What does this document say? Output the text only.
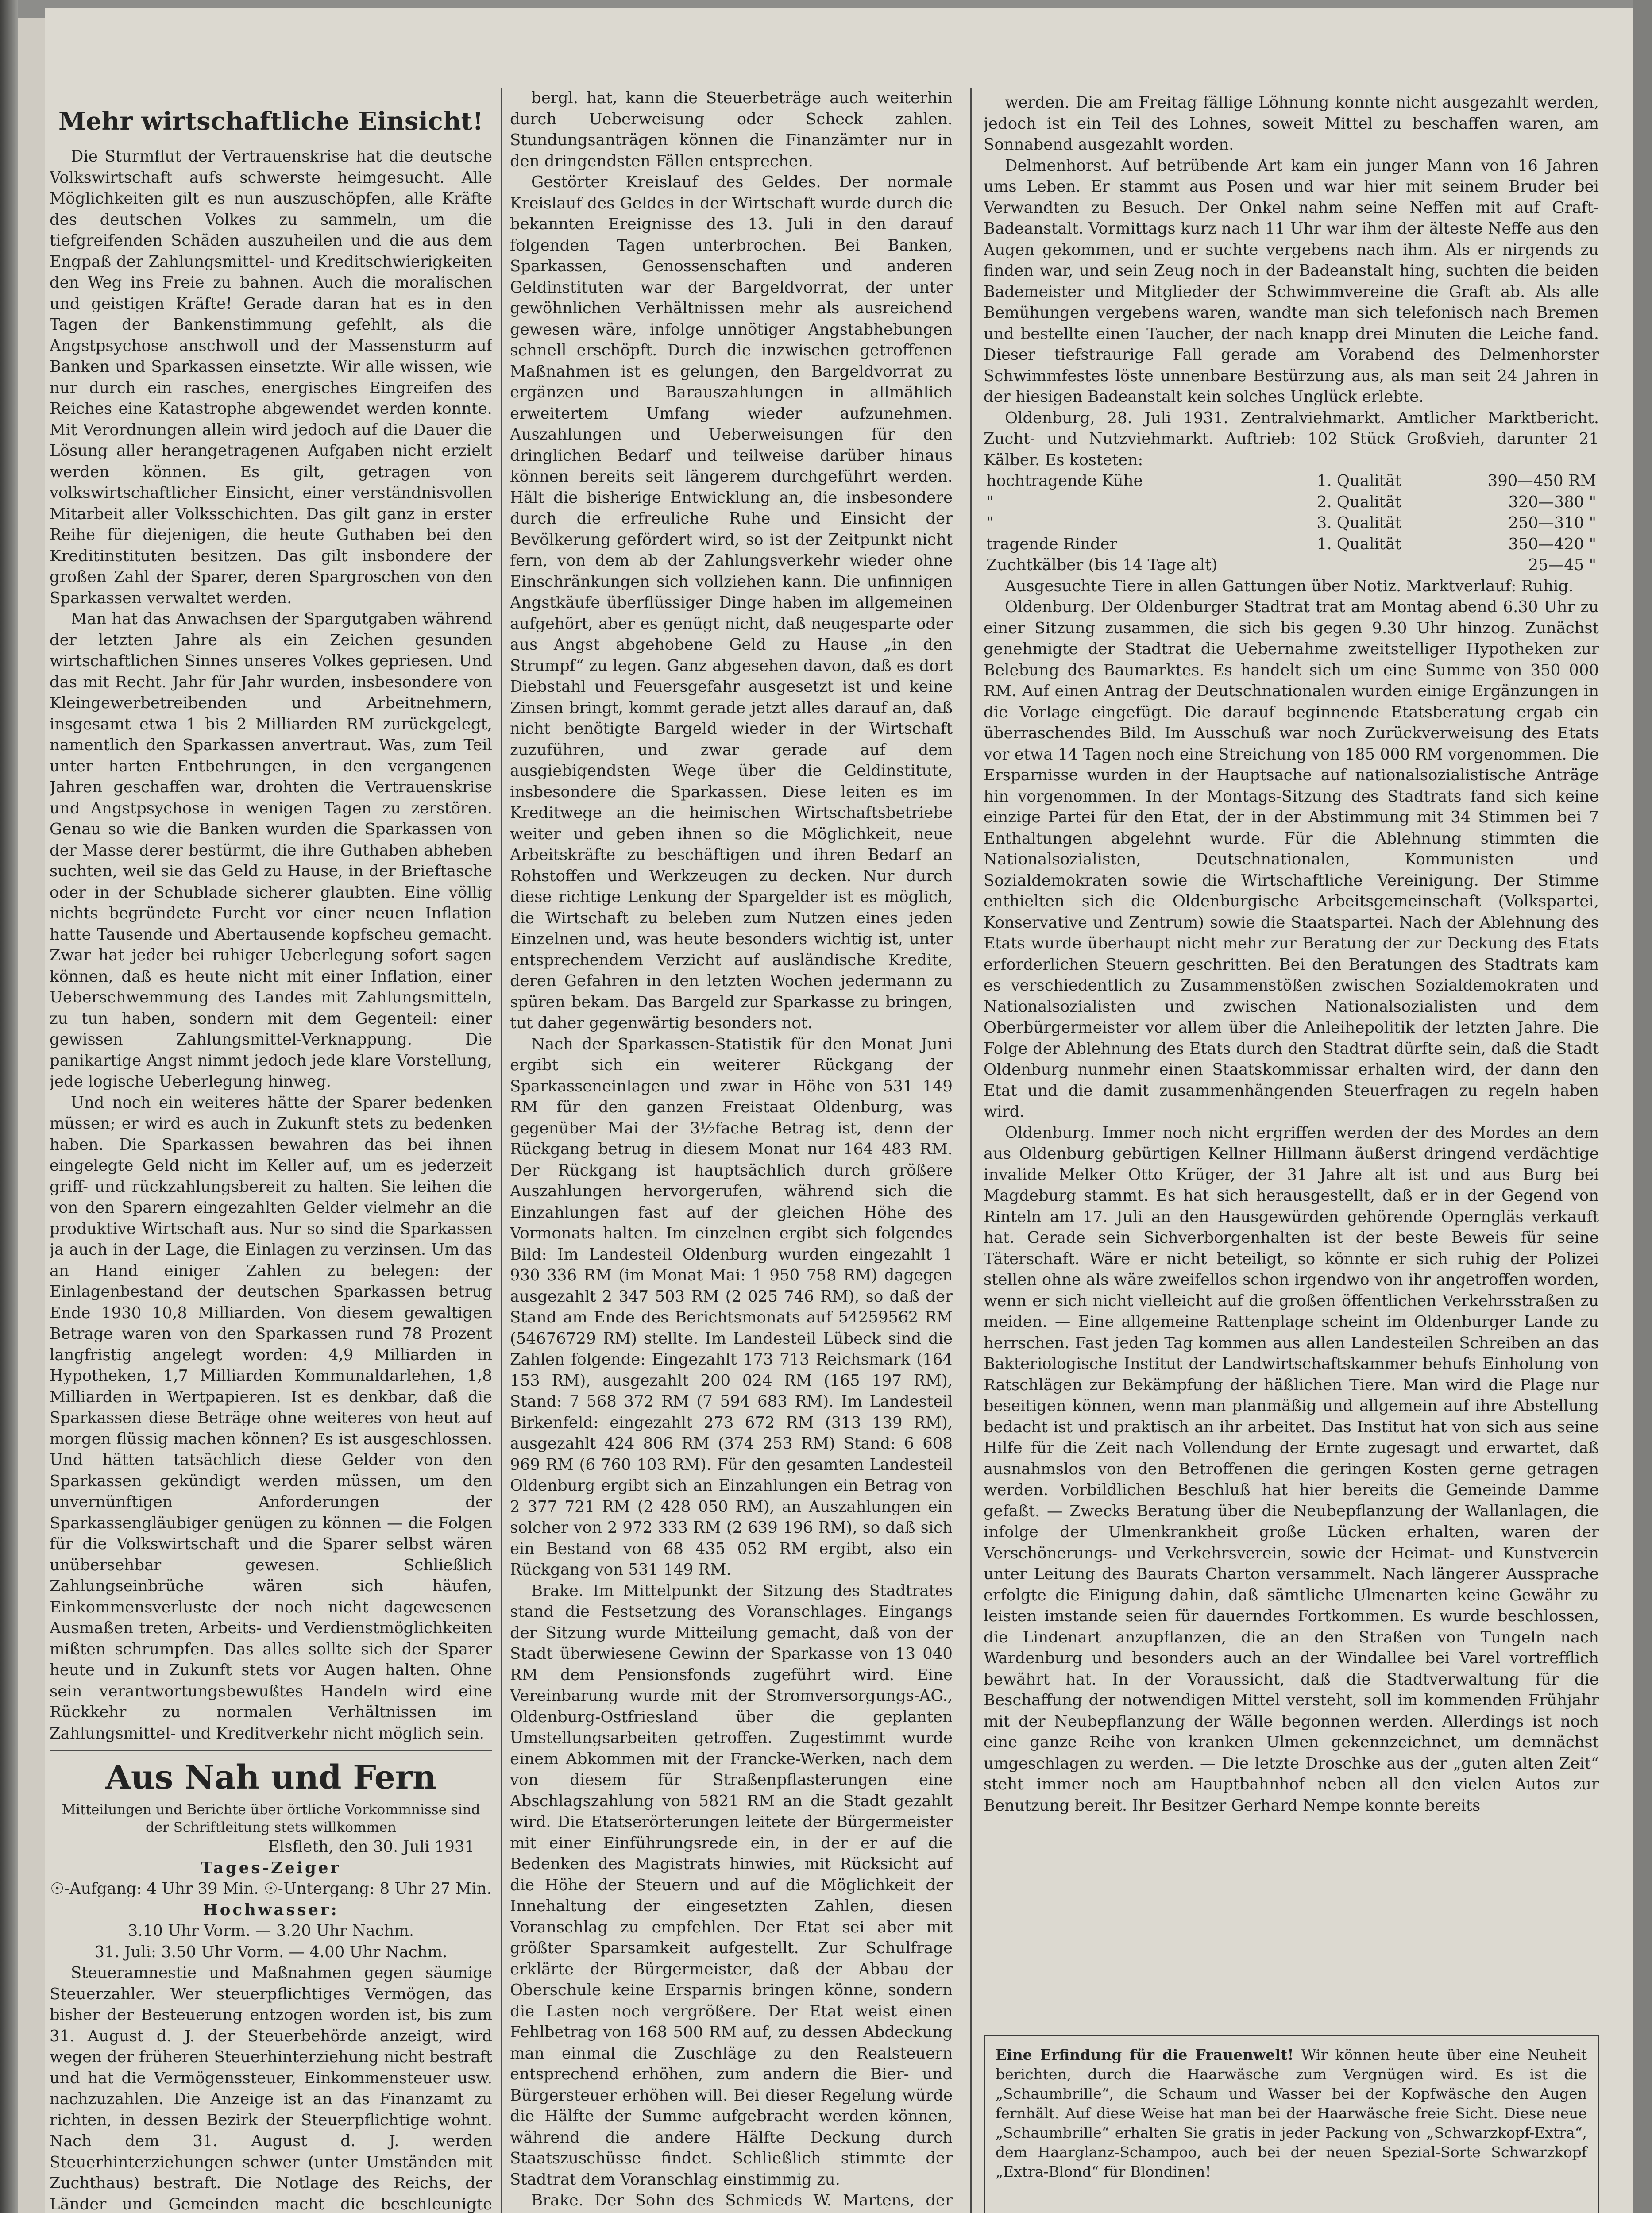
Mehr wirtschaftliche Einsicht!

Die Sturmflut der Vertrauenskrise hat die deutsche Volkswirtschaft aufs schwerste heimgesucht. Alle Möglichkeiten gilt es nun auszuschöpfen, alle Kräfte des deutschen Volkes zu sammeln, um die tiefgreifenden Schäden auszuheilen und die aus dem Engpaß der Zahlungsmittel- und Kreditschwierigkeiten den Weg ins Freie zu bahnen. Auch die moralischen und geistigen Kräfte! Gerade daran hat es in den Tagen der Bankenstimmung gefehlt, als die Angstpsychose anschwoll und der Massensturm auf Banken und Sparkassen einsetzte. Wir alle wissen, wie nur durch ein rasches, energisches Eingreifen des Reiches eine Katastrophe abgewendet werden konnte. Mit Verordnungen allein wird jedoch auf die Dauer die Lösung aller herangetragenen Aufgaben nicht erzielt werden können. Es gilt, getragen von volkswirtschaftlicher Einsicht, einer verständnisvollen Mitarbeit aller Volksschichten. Das gilt ganz in erster Reihe für diejenigen, die heute Guthaben bei den Kreditinstituten besitzen. Das gilt insbondere der großen Zahl der Sparer, deren Spargroschen von den Sparkassen verwaltet werden.

Man hat das Anwachsen der Spargutgaben während der letzten Jahre als ein Zeichen gesunden wirtschaftlichen Sinnes unseres Volkes gepriesen. Und das mit Recht. Jahr für Jahr wurden, insbesondere von Kleingewerbetreibenden und Arbeitnehmern, insgesamt etwa 1 bis 2 Milliarden RM zurückgelegt, namentlich den Sparkassen anvertraut. Was, zum Teil unter harten Entbehrungen, in den vergangenen Jahren geschaffen war, drohten die Vertrauenskrise und Angstpsychose in wenigen Tagen zu zerstören. Genau so wie die Banken wurden die Sparkassen von der Masse derer bestürmt, die ihre Guthaben abheben suchten, weil sie das Geld zu Hause, in der Brieftasche oder in der Schublade sicherer glaubten. Eine völlig nichts begründete Furcht vor einer neuen Inflation hatte Tausende und Abertausende kopfscheu gemacht. Zwar hat jeder bei ruhiger Ueberlegung sofort sagen können, daß es heute nicht mit einer Inflation, einer Ueberschwemmung des Landes mit Zahlungsmitteln, zu tun haben, sondern mit dem Gegenteil: einer gewissen Zahlungsmittel-Verknappung. Die panikartige Angst nimmt jedoch jede klare Vorstellung, jede logische Ueberlegung hinweg.

Und noch ein weiteres hätte der Sparer bedenken müssen; er wird es auch in Zukunft stets zu bedenken haben. Die Sparkassen bewahren das bei ihnen eingelegte Geld nicht im Keller auf, um es jederzeit griff- und rückzahlungsbereit zu halten. Sie leihen die von den Sparern eingezahlten Gelder vielmehr an die produktive Wirtschaft aus. Nur so sind die Sparkassen ja auch in der Lage, die Einlagen zu verzinsen. Um das an Hand einiger Zahlen zu belegen: der Einlagenbestand der deutschen Sparkassen betrug Ende 1930 10,8 Milliarden. Von diesem gewaltigen Betrage waren von den Sparkassen rund 78 Prozent langfristig angelegt worden: 4,9 Milliarden in Hypotheken, 1,7 Milliarden Kommunaldarlehen, 1,8 Milliarden in Wertpapieren. Ist es denkbar, daß die Sparkassen diese Beträge ohne weiteres von heut auf morgen flüssig machen können? Es ist ausgeschlossen. Und hätten tatsächlich diese Gelder von den Sparkassen gekündigt werden müssen, um den unvernünftigen Anforderungen der Sparkassengläubiger genügen zu können — die Folgen für die Volkswirtschaft und die Sparer selbst wären unübersehbar gewesen. Schließlich Zahlungseinbrüche wären sich häufen, Einkommensverluste der noch nicht dagewesenen Ausmaßen treten, Arbeits- und Verdienstmöglichkeiten mißten schrumpfen. Das alles sollte sich der Sparer heute und in Zukunft stets vor Augen halten. Ohne sein verantwortungsbewußtes Handeln wird eine Rückkehr zu normalen Verhältnissen im Zahlungsmittel- und Kreditverkehr nicht möglich sein.

Aus Nah und Fern
Mitteilungen und Berichte über örtliche Vorkommnisse sind der Schriftleitung stets willkommen
Elsfleth, den 30. Juli 1931
Tages-Zeiger
☉-Aufgang: 4 Uhr 39 Min. ☉-Untergang: 8 Uhr 27 Min.
Hochwasser:
3.10 Uhr Vorm. — 3.20 Uhr Nachm.
31. Juli: 3.50 Uhr Vorm. — 4.00 Uhr Nachm.

Steueramnestie und Maßnahmen gegen säumige Steuerzahler. Wer steuerpflichtiges Vermögen, das bisher der Besteuerung entzogen worden ist, bis zum 31. August d. J. der Steuerbehörde anzeigt, wird wegen der früheren Steuerhinterziehung nicht bestraft und hat die Vermögenssteuer, Einkommensteuer usw. nachzuzahlen. Die Anzeige ist an das Finanzamt zu richten, in dessen Bezirk der Steuerpflichtige wohnt. Nach dem 31. August d. J. werden Steuerhinterziehungen schwer (unter Umständen mit Zuchthaus) bestraft. Die Notlage des Reichs, der Länder und Gemeinden macht die beschleunigte

bergl. hat, kann die Steuerbeträge auch weiterhin durch Ueberweisung oder Scheck zahlen. Stundungsanträgen können die Finanzämter nur in den dringendsten Fällen entsprechen.

Gestörter Kreislauf des Geldes. Der normale Kreislauf des Geldes in der Wirtschaft wurde durch die bekannten Ereignisse des 13. Juli in den darauf folgenden Tagen unterbrochen. Bei Banken, Sparkassen, Genossenschaften und anderen Geldinstituten war der Bargeldvorrat, der unter gewöhnlichen Verhältnissen mehr als ausreichend gewesen wäre, infolge unnötiger Angstabhebungen schnell erschöpft. Durch die inzwischen getroffenen Maßnahmen ist es gelungen, den Bargeldvorrat zu ergänzen und Barauszahlungen in allmählich erweitertem Umfang wieder aufzunehmen. Auszahlungen und Ueberweisungen für den dringlichen Bedarf und teilweise darüber hinaus können bereits seit längerem durchgeführt werden. Hält die bisherige Entwicklung an, die insbesondere durch die erfreuliche Ruhe und Einsicht der Bevölkerung gefördert wird, so ist der Zeitpunkt nicht fern, von dem ab der Zahlungsverkehr wieder ohne Einschränkungen sich vollziehen kann. Die unfinnigen Angstkäufe überflüssiger Dinge haben im allgemeinen aufgehört, aber es genügt nicht, daß neugesparte oder aus Angst abgehobene Geld zu Hause „in den Strumpf“ zu legen. Ganz abgesehen davon, daß es dort Diebstahl und Feuersgefahr ausgesetzt ist und keine Zinsen bringt, kommt gerade jetzt alles darauf an, daß nicht benötigte Bargeld wieder in der Wirtschaft zuzuführen, und zwar gerade auf dem ausgiebigendsten Wege über die Geldinstitute, insbesondere die Sparkassen. Diese leiten es im Kreditwege an die heimischen Wirtschaftsbetriebe weiter und geben ihnen so die Möglichkeit, neue Arbeitskräfte zu beschäftigen und ihren Bedarf an Rohstoffen und Werkzeugen zu decken. Nur durch diese richtige Lenkung der Spargelder ist es möglich, die Wirtschaft zu beleben zum Nutzen eines jeden Einzelnen und, was heute besonders wichtig ist, unter entsprechendem Verzicht auf ausländische Kredite, deren Gefahren in den letzten Wochen jedermann zu spüren bekam. Das Bargeld zur Sparkasse zu bringen, tut daher gegenwärtig besonders not.

Nach der Sparkassen-Statistik für den Monat Juni ergibt sich ein weiterer Rückgang der Sparkasseneinlagen und zwar in Höhe von 531 149 RM für den ganzen Freistaat Oldenburg, was gegenüber Mai der 3½fache Betrag ist, denn der Rückgang betrug in diesem Monat nur 164 483 RM. Der Rückgang ist hauptsächlich durch größere Auszahlungen hervorgerufen, während sich die Einzahlungen fast auf der gleichen Höhe des Vormonats halten. Im einzelnen ergibt sich folgendes Bild: Im Landesteil Oldenburg wurden eingezahlt 1 930 336 RM (im Monat Mai: 1 950 758 RM) dagegen ausgezahlt 2 347 503 RM (2 025 746 RM), so daß der Stand am Ende des Berichtsmonats auf 54259562 RM (54676729 RM) stellte. Im Landesteil Lübeck sind die Zahlen folgende: Eingezahlt 173 713 Reichsmark (164 153 RM), ausgezahlt 200 024 RM (165 197 RM), Stand: 7 568 372 RM (7 594 683 RM). Im Landesteil Birkenfeld: eingezahlt 273 672 RM (313 139 RM), ausgezahlt 424 806 RM (374 253 RM) Stand: 6 608 969 RM (6 760 103 RM). Für den gesamten Landesteil Oldenburg ergibt sich an Einzahlungen ein Betrag von 2 377 721 RM (2 428 050 RM), an Auszahlungen ein solcher von 2 972 333 RM (2 639 196 RM), so daß sich ein Bestand von 68 435 052 RM ergibt, also ein Rückgang von 531 149 RM.

Brake. Im Mittelpunkt der Sitzung des Stadtrates stand die Festsetzung des Voranschlages. Eingangs der Sitzung wurde Mitteilung gemacht, daß von der Stadt überwiesene Gewinn der Sparkasse von 13 040 RM dem Pensionsfonds zugeführt wird. Eine Vereinbarung wurde mit der Stromversorgungs-AG., Oldenburg-Ostfriesland über die geplanten Umstellungsarbeiten getroffen. Zugestimmt wurde einem Abkommen mit der Francke-Werken, nach dem von diesem für Straßenpflasterungen eine Abschlagszahlung von 5821 RM an die Stadt gezahlt wird. Die Etatserörterungen leitete der Bürgermeister mit einer Einführungsrede ein, in der er auf die Bedenken des Magistrats hinwies, mit Rücksicht auf die Höhe der Steuern und auf die Möglichkeit der Innehaltung der eingesetzten Zahlen, diesen Voranschlag zu empfehlen. Der Etat sei aber mit größter Sparsamkeit aufgestellt. Zur Schulfrage erklärte der Bürgermeister, daß der Abbau der Oberschule keine Ersparnis bringen könne, sondern die Lasten noch vergrößere. Der Etat weist einen Fehlbetrag von 168 500 RM auf, zu dessen Abdeckung man einmal die Zuschläge zu den Realsteuern entsprechend erhöhen, zum andern die Bier- und Bürgersteuer erhöhen will. Bei dieser Regelung würde die Hälfte der Summe aufgebracht werden können, während die andere Hälfte Deckung durch Staatszuschüsse findet. Schließlich stimmte der Stadtrat dem Voranschlag einstimmig zu.

Brake. Der Sohn des Schmieds W. Martens, der

werden. Die am Freitag fällige Löhnung konnte nicht ausgezahlt werden, jedoch ist ein Teil des Lohnes, soweit Mittel zu beschaffen waren, am Sonnabend ausgezahlt worden.

Delmenhorst. Auf betrübende Art kam ein junger Mann von 16 Jahren ums Leben. Er stammt aus Posen und war hier mit seinem Bruder bei Verwandten zu Besuch. Der Onkel nahm seine Neffen mit auf Graft-Badeanstalt. Vormittags kurz nach 11 Uhr war ihm der älteste Neffe aus den Augen gekommen, und er suchte vergebens nach ihm. Als er nirgends zu finden war, und sein Zeug noch in der Badeanstalt hing, suchten die beiden Bademeister und Mitglieder der Schwimmvereine die Graft ab. Als alle Bemühungen vergebens waren, wandte man sich telefonisch nach Bremen und bestellte einen Taucher, der nach knapp drei Minuten die Leiche fand. Dieser tiefstraurige Fall gerade am Vorabend des Delmenhorster Schwimmfestes löste unnenbare Bestürzung aus, als man seit 24 Jahren in der hiesigen Badeanstalt kein solches Unglück erlebte.

Oldenburg, 28. Juli 1931. Zentralviehmarkt. Amtlicher Marktbericht. Zucht- und Nutzviehmarkt. Auftrieb: 102 Stück Großvieh, darunter 21 Kälber. Es kosteten:

hochtragende Kühe	1. Qualität	390—450 RM
"	2. Qualität	320—380 "
"	3. Qualität	250—310 "
tragende Rinder	1. Qualität	350—420 "
Zuchtkälber (bis 14 Tage alt)		25—45 "

Ausgesuchte Tiere in allen Gattungen über Notiz. Marktverlauf: Ruhig.

Oldenburg. Der Oldenburger Stadtrat trat am Montag abend 6.30 Uhr zu einer Sitzung zusammen, die sich bis gegen 9.30 Uhr hinzog. Zunächst genehmigte der Stadtrat die Uebernahme zweitstelliger Hypotheken zur Belebung des Baumarktes. Es handelt sich um eine Summe von 350 000 RM. Auf einen Antrag der Deutschnationalen wurden einige Ergänzungen in die Vorlage eingefügt. Die darauf beginnende Etatsberatung ergab ein überraschendes Bild. Im Ausschuß war noch Zurückverweisung des Etats vor etwa 14 Tagen noch eine Streichung von 185 000 RM vorgenommen. Die Ersparnisse wurden in der Hauptsache auf nationalsozialistische Anträge hin vorgenommen. In der Montags-Sitzung des Stadtrats fand sich keine einzige Partei für den Etat, der in der Abstimmung mit 34 Stimmen bei 7 Enthaltungen abgelehnt wurde. Für die Ablehnung stimmten die Nationalsozialisten, Deutschnationalen, Kommunisten und Sozialdemokraten sowie die Wirtschaftliche Vereinigung. Der Stimme enthielten sich die Oldenburgische Arbeitsgemeinschaft (Volkspartei, Konservative und Zentrum) sowie die Staatspartei. Nach der Ablehnung des Etats wurde überhaupt nicht mehr zur Beratung der zur Deckung des Etats erforderlichen Steuern geschritten. Bei den Beratungen des Stadtrats kam es verschiedentlich zu Zusammenstößen zwischen Sozialdemokraten und Nationalsozialisten und zwischen Nationalsozialisten und dem Oberbürgermeister vor allem über die Anleihepolitik der letzten Jahre. Die Folge der Ablehnung des Etats durch den Stadtrat dürfte sein, daß die Stadt Oldenburg nunmehr einen Staatskommissar erhalten wird, der dann den Etat und die damit zusammenhängenden Steuerfragen zu regeln haben wird.

Oldenburg. Immer noch nicht ergriffen werden der des Mordes an dem aus Oldenburg gebürtigen Kellner Hillmann äußerst dringend verdächtige invalide Melker Otto Krüger, der 31 Jahre alt ist und aus Burg bei Magdeburg stammt. Es hat sich herausgestellt, daß er in der Gegend von Rinteln am 17. Juli an den Hausgewürden gehörende Operngläs verkauft hat. Gerade sein Sichverborgenhalten ist der beste Beweis für seine Täterschaft. Wäre er nicht beteiligt, so könnte er sich ruhig der Polizei stellen ohne als wäre zweifellos schon irgendwo von ihr angetroffen worden, wenn er sich nicht vielleicht auf die großen öffentlichen Verkehrsstraßen zu meiden. — Eine allgemeine Rattenplage scheint im Oldenburger Lande zu herrschen. Fast jeden Tag kommen aus allen Landesteilen Schreiben an das Bakteriologische Institut der Landwirtschaftskammer behufs Einholung von Ratschlägen zur Bekämpfung der häßlichen Tiere. Man wird die Plage nur beseitigen können, wenn man planmäßig und allgemein auf ihre Abstellung bedacht ist und praktisch an ihr arbeitet. Das Institut hat von sich aus seine Hilfe für die Zeit nach Vollendung der Ernte zugesagt und erwartet, daß ausnahmslos von den Betroffenen die geringen Kosten gerne getragen werden. Vorbildlichen Beschluß hat hier bereits die Gemeinde Damme gefaßt. — Zwecks Beratung über die Neubepflanzung der Wallanlagen, die infolge der Ulmenkrankheit große Lücken erhalten, waren der Verschönerungs- und Verkehrsverein, sowie der Heimat- und Kunstverein unter Leitung des Baurats Charton versammelt. Nach längerer Aussprache erfolgte die Einigung dahin, daß sämtliche Ulmenarten keine Gewähr zu leisten imstande seien für dauerndes Fortkommen. Es wurde beschlossen, die Lindenart anzupflanzen, die an den Straßen von Tungeln nach Wardenburg und besonders auch an der Windallee bei Varel vortrefflich bewährt hat. In der Voraussicht, daß die Stadtverwaltung für die Beschaffung der notwendigen Mittel versteht, soll im kommenden Frühjahr mit der Neubepflanzung der Wälle begonnen werden. Allerdings ist noch eine ganze Reihe von kranken Ulmen gekennzeichnet, um demnächst umgeschlagen zu werden. — Die letzte Droschke aus der „guten alten Zeit“ steht immer noch am Hauptbahnhof neben all den vielen Autos zur Benutzung bereit. Ihr Besitzer Gerhard Nempe konnte bereits

Eine Erfindung für die Frauenwelt! Wir können heute über eine Neuheit berichten, durch die Haarwäsche zum Vergnügen wird. Es ist die „Schaumbrille“, die Schaum und Wasser bei der Kopfwäsche den Augen fernhält. Auf diese Weise hat man bei der Haarwäsche freie Sicht. Diese neue „Schaumbrille“ erhalten Sie gratis in jeder Packung von „Schwarzkopf-Extra“, dem Haarglanz-Schampoo, auch bei der neuen Spezial-Sorte Schwarzkopf „Extra-Blond“ für Blondinen!
